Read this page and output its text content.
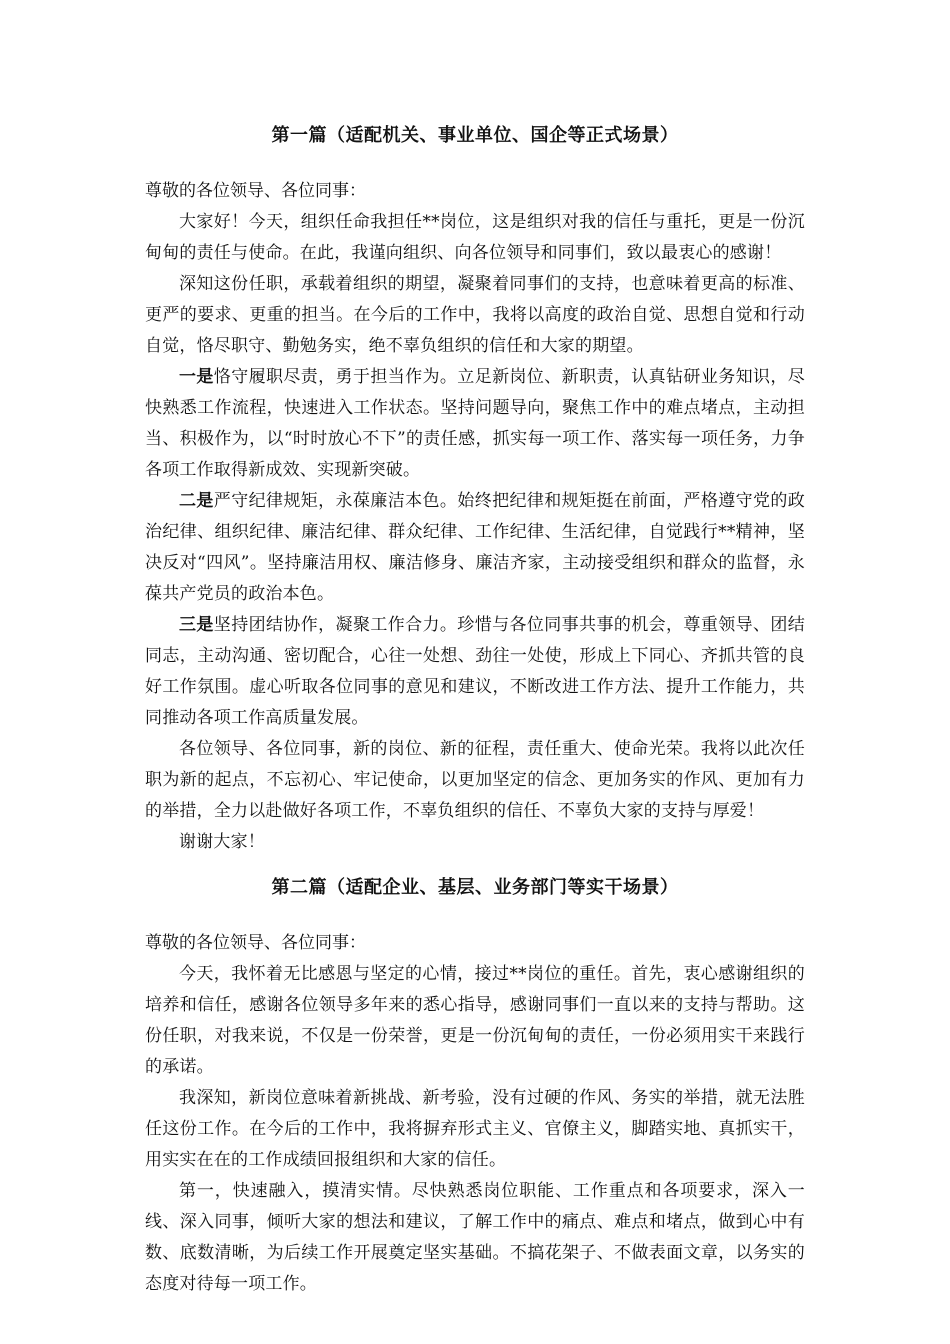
第一篇（适配机关、事业单位、国企等正式场景）

尊敬的各位领导、各位同事：

大家好！今天，组织任命我担任**岗位，这是组织对我的信任与重托，更是一份沉甸甸的责任与使命。在此，我谨向组织、向各位领导和同事们，致以最衷心的感谢！

深知这份任职，承载着组织的期望，凝聚着同事们的支持，也意味着更高的标准、更严的要求、更重的担当。在今后的工作中，我将以高度的政治自觉、思想自觉和行动自觉，恪尽职守、勤勉务实，绝不辜负组织的信任和大家的期望。

一是恪守履职尽责，勇于担当作为。立足新岗位、新职责，认真钻研业务知识，尽快熟悉工作流程，快速进入工作状态。坚持问题导向，聚焦工作中的难点堵点，主动担当、积极作为，以“时时放心不下”的责任感，抓实每一项工作、落实每一项任务，力争各项工作取得新成效、实现新突破。

二是严守纪律规矩，永葆廉洁本色。始终把纪律和规矩挺在前面，严格遵守党的政治纪律、组织纪律、廉洁纪律、群众纪律、工作纪律、生活纪律，自觉践行**精神，坚决反对“四风”。坚持廉洁用权、廉洁修身、廉洁齐家，主动接受组织和群众的监督，永葆共产党员的政治本色。

三是坚持团结协作，凝聚工作合力。珍惜与各位同事共事的机会，尊重领导、团结同志，主动沟通、密切配合，心往一处想、劲往一处使，形成上下同心、齐抓共管的良好工作氛围。虚心听取各位同事的意见和建议，不断改进工作方法、提升工作能力，共同推动各项工作高质量发展。

各位领导、各位同事，新的岗位、新的征程，责任重大、使命光荣。我将以此次任职为新的起点，不忘初心、牢记使命，以更加坚定的信念、更加务实的作风、更加有力的举措，全力以赴做好各项工作，不辜负组织的信任、不辜负大家的支持与厚爱！

谢谢大家！

第二篇（适配企业、基层、业务部门等实干场景）

尊敬的各位领导、各位同事：

今天，我怀着无比感恩与坚定的心情，接过**岗位的重任。首先，衷心感谢组织的培养和信任，感谢各位领导多年来的悉心指导，感谢同事们一直以来的支持与帮助。这份任职，对我来说，不仅是一份荣誉，更是一份沉甸甸的责任，一份必须用实干来践行的承诺。

我深知，新岗位意味着新挑战、新考验，没有过硬的作风、务实的举措，就无法胜任这份工作。在今后的工作中，我将摒弃形式主义、官僚主义，脚踏实地、真抓实干，用实实在在的工作成绩回报组织和大家的信任。

第一，快速融入，摸清实情。尽快熟悉岗位职能、工作重点和各项要求，深入一线、深入同事，倾听大家的想法和建议，了解工作中的痛点、难点和堵点，做到心中有数、底数清晰，为后续工作开展奠定坚实基础。不搞花架子、不做表面文章，以务实的态度对待每一项工作。
